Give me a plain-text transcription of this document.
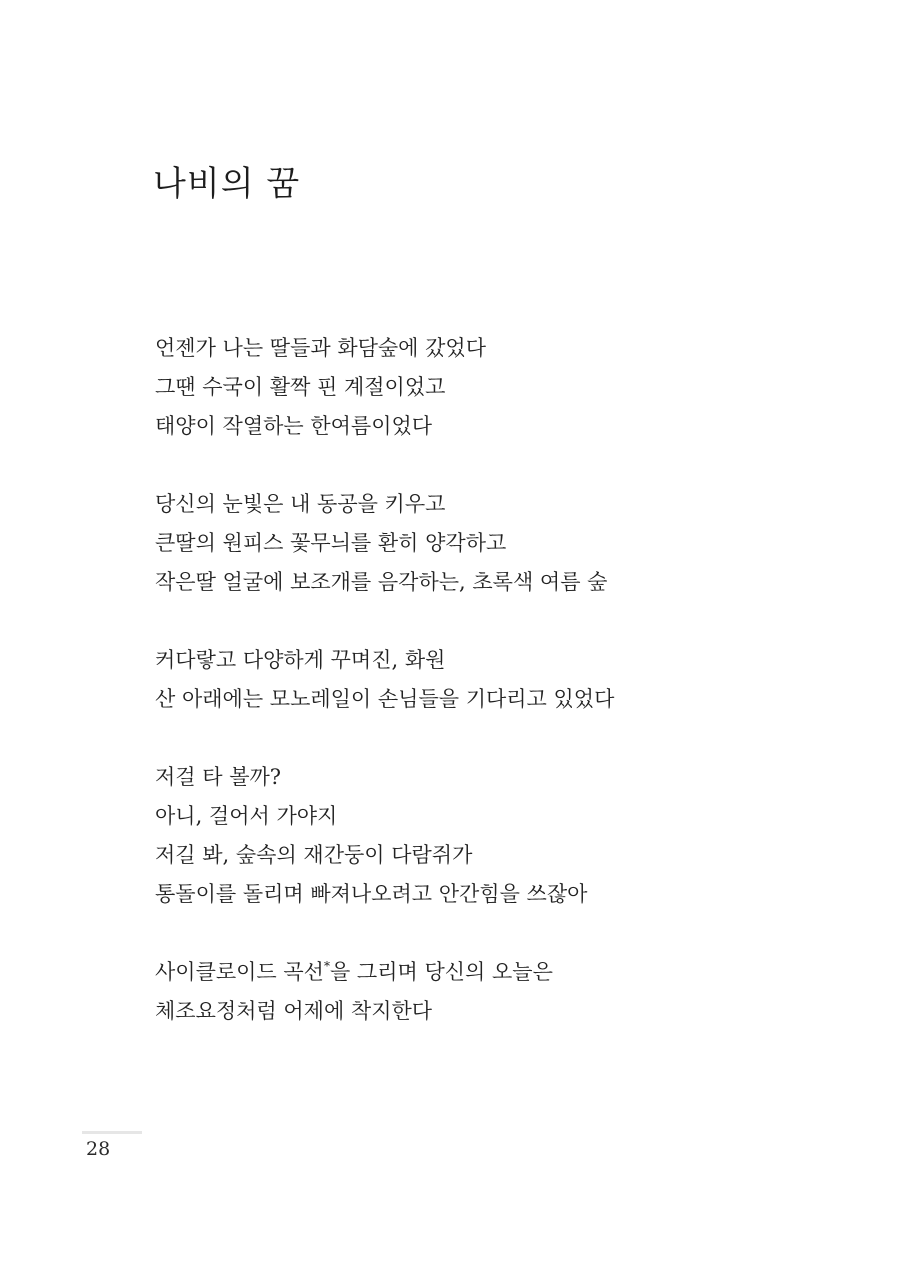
나비의 꿈
언젠가 나는 딸들과 화담숲에 갔었다
그땐 수국이 활짝 핀 계절이었고
태양이 작열하는 한여름이었다
당신의 눈빛은 내 동공을 키우고
큰딸의 원피스 꽃무늬를 환히 양각하고
작은딸 얼굴에 보조개를 음각하는, 초록색 여름 숲
커다랗고 다양하게 꾸며진, 화원
산 아래에는 모노레일이 손님들을 기다리고 있었다
저걸 타 볼까?
아니, 걸어서 가야지
저길 봐, 숲속의 재간둥이 다람쥐가
통돌이를 돌리며 빠져나오려고 안간힘을 쓰잖아
사이클로이드 곡선*을 그리며 당신의 오늘은
체조요정처럼 어제에 착지한다
28
